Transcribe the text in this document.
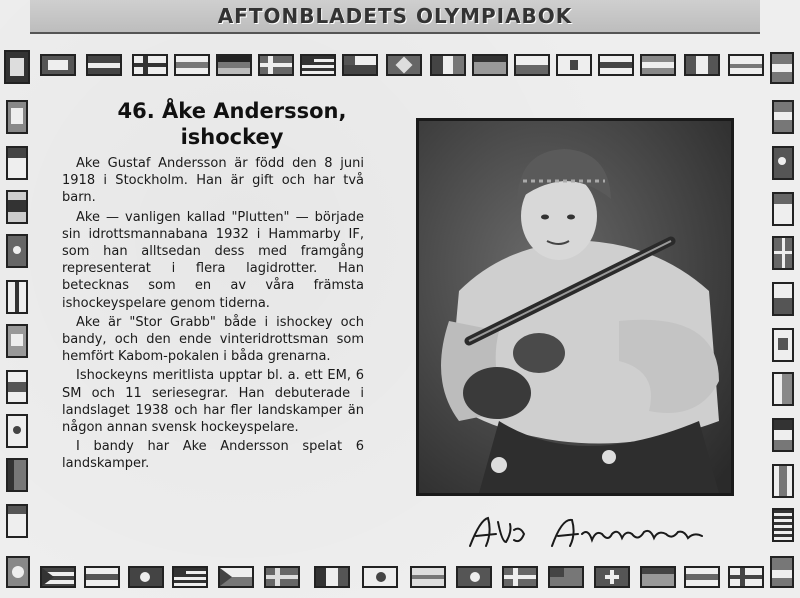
AFTONBLADETS OLYMPIABOK
46. Åke Andersson,
ishockey

Ake Gustaf Andersson är född den 8 juni 1918 i Stockholm. Han är gift och har två barn.

Ake — vanligen kallad "Plutten" — började sin idrottsmannabana 1932 i Hammarby IF, som han alltsedan dess med framgång representerat i flera lagidrotter. Han betecknas som en av våra främsta ishockeyspelare genom tiderna.

Ake är "Stor Grabb" både i ishockey och bandy, och den ende vinteridrottsman som hemfört Kabom-pokalen i båda grenarna.

Ishockeyns meritlista upptar bl. a. ett EM, 6 SM och 11 seriesegrar. Han debuterade i landslaget 1938 och har fler landskamper än någon annan svensk hockeyspelare.

I bandy har Ake Andersson spelat 6 landskamper.
